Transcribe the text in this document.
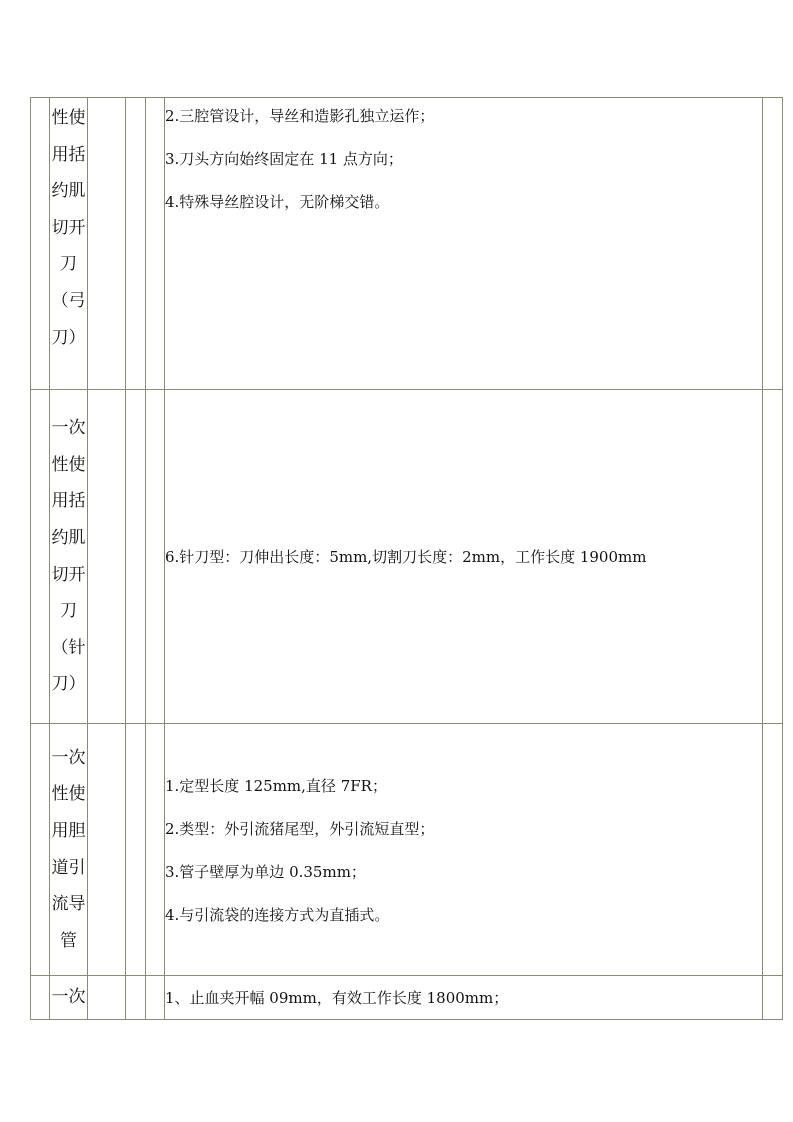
	性使用括约肌切开刀（弓刀）				2.三腔管设计，导丝和造影孔独立运作；
3.刀头方向始终固定在 11 点方向；
4.特殊导丝腔设计，无阶梯交错。	

	一次性使用括约肌切开刀（针刀）				6.针刀型：刀伸出长度：5mm,切割刀长度：2mm，工作长度 1900mm	

	一次性使用胆道引流导管				1.定型长度 125mm,直径 7FR；
2.类型：外引流猪尾型，外引流短直型；
3.管子壁厚为单边 0.35mm；
4.与引流袋的连接方式为直插式。	

	一次				1、止血夹开幅 09mm，有效工作长度 1800mm；	
